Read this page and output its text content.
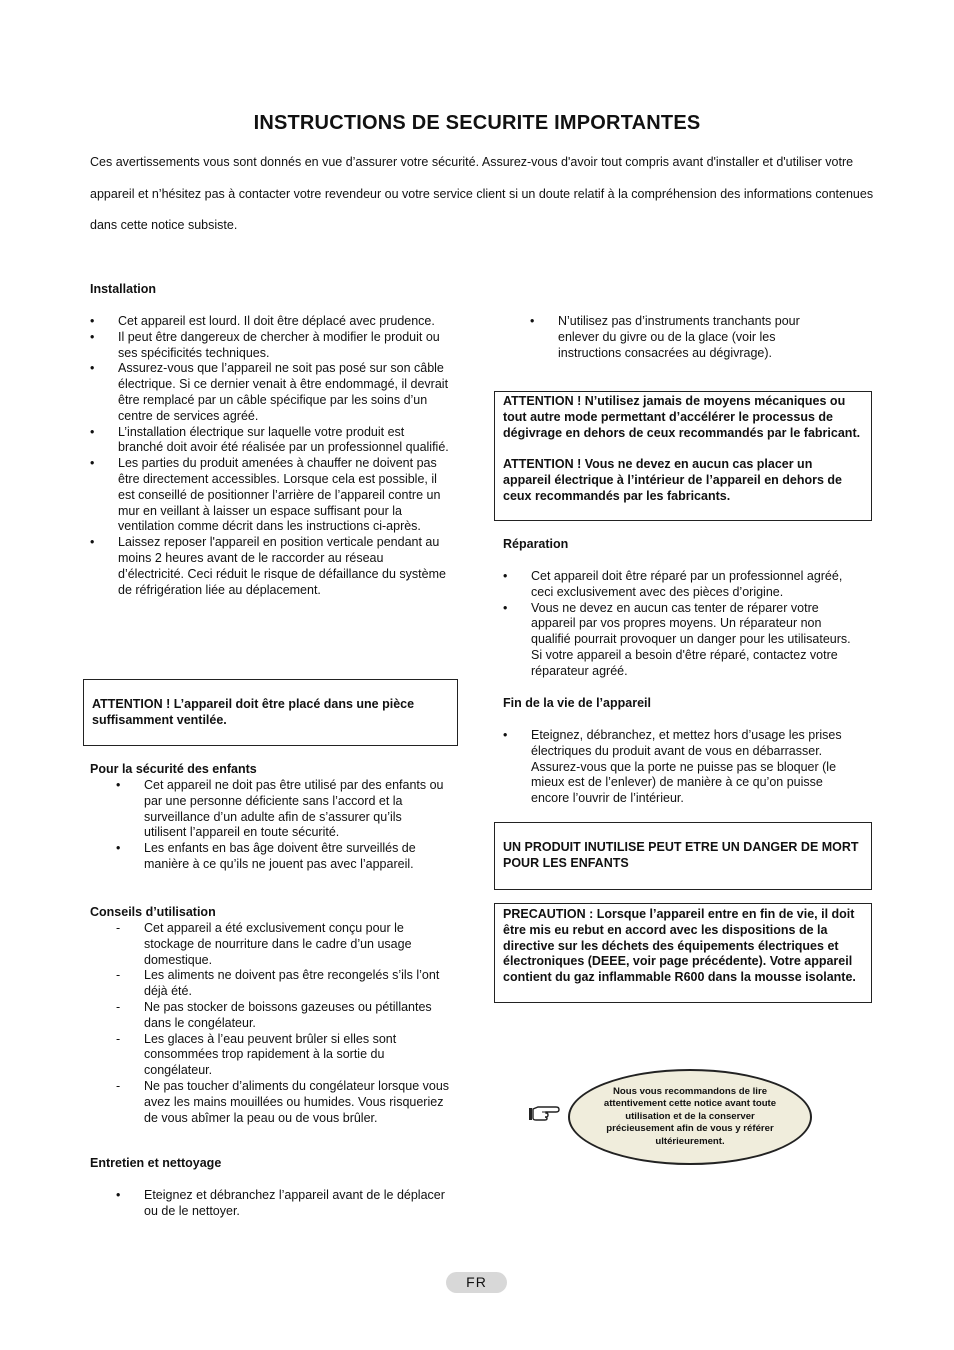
INSTRUCTIONS DE SECURITE IMPORTANTES

Ces avertissements vous sont donnés en vue d’assurer votre sécurité. Assurez-vous d'avoir tout compris avant d'installer et d'utiliser votre appareil et n’hésitez pas à contacter votre revendeur ou votre service client si un doute relatif à la compréhension des informations contenues dans cette notice subsiste.

Installation

• Cet appareil est lourd. Il doit être déplacé avec prudence.
• Il peut être dangereux de chercher à modifier le produit ou ses spécificités techniques.
• Assurez-vous que l’appareil ne soit pas posé sur son câble électrique. Si ce dernier venait à être endommagé, il devrait être remplacé par un câble spécifique par les soins d’un centre de services agréé.
• L’installation électrique sur laquelle votre produit est branché doit avoir été réalisée par un professionnel qualifié.
• Les parties du produit amenées à chauffer ne doivent pas être directement accessibles. Lorsque cela est possible, il est conseillé de positionner l’arrière de l’appareil contre un mur en veillant à laisser un espace suffisant pour la ventilation comme décrit dans les instructions ci-après.
• Laissez reposer l'appareil en position verticale pendant au moins 2 heures avant de le raccorder au réseau d’électricité. Ceci réduit le risque de défaillance du système de réfrigération liée au déplacement.

ATTENTION ! L’appareil doit être placé dans une pièce suffisamment ventilée.

Pour la sécurité des enfants

• Cet appareil ne doit pas être utilisé par des enfants ou par une personne déficiente sans l’accord et la surveillance d’un adulte afin de s’assurer qu’ils utilisent l’appareil en toute sécurité.
• Les enfants en bas âge doivent être surveillés de manière à ce qu’ils ne jouent pas avec l’appareil.

Conseils d’utilisation

- Cet appareil a été exclusivement conçu pour le stockage de nourriture dans le cadre d’un usage domestique.
- Les aliments ne doivent pas être recongelés s’ils l’ont déjà été.
- Ne pas stocker de boissons gazeuses ou pétillantes dans le congélateur.
- Les glaces à l’eau peuvent brûler si elles sont consommées trop rapidement à la sortie du congélateur.
- Ne pas toucher d’aliments du congélateur lorsque vous avez les mains mouillées ou humides. Vous risqueriez de vous abîmer la peau ou de vous brûler.

Entretien et nettoyage

• Eteignez et débranchez l’appareil avant de le déplacer ou de le nettoyer.
• N’utilisez pas d’instruments tranchants pour enlever du givre ou de la glace (voir les instructions consacrées au dégivrage).

ATTENTION ! N’utilisez jamais de moyens mécaniques ou tout autre mode permettant d’accélérer le processus de dégivrage en dehors de ceux recommandés par le fabricant.

ATTENTION ! Vous ne devez en aucun cas placer un appareil électrique à l’intérieur de l’appareil en dehors de ceux recommandés par les fabricants.

Réparation

• Cet appareil doit être réparé par un professionnel agréé, ceci exclusivement avec des pièces d’origine.
• Vous ne devez en aucun cas tenter de réparer votre appareil par vos propres moyens. Un réparateur non qualifié pourrait provoquer un danger pour les utilisateurs. Si votre appareil a besoin d'être réparé, contactez votre réparateur agréé.

Fin de la vie de l’appareil

• Eteignez, débranchez, et mettez hors d’usage les prises électriques du produit avant de vous en débarrasser. Assurez-vous que la porte ne puisse pas se bloquer (le mieux est de l’enlever) de manière à ce qu’on puisse encore l’ouvrir de l’intérieur.

UN PRODUIT INUTILISE PEUT ETRE UN DANGER DE MORT POUR LES ENFANTS

PRECAUTION : Lorsque l’appareil entre en fin de vie, il doit être mis eu rebut en accord avec les dispositions de la directive sur les déchets des équipements électriques et électroniques (DEEE, voir page précédente). Votre appareil contient du gaz inflammable R600 dans la mousse isolante.

Nous vous recommandons de lire attentivement cette notice avant toute utilisation et de la conserver précieusement afin de vous y référer ultérieurement.
FR
